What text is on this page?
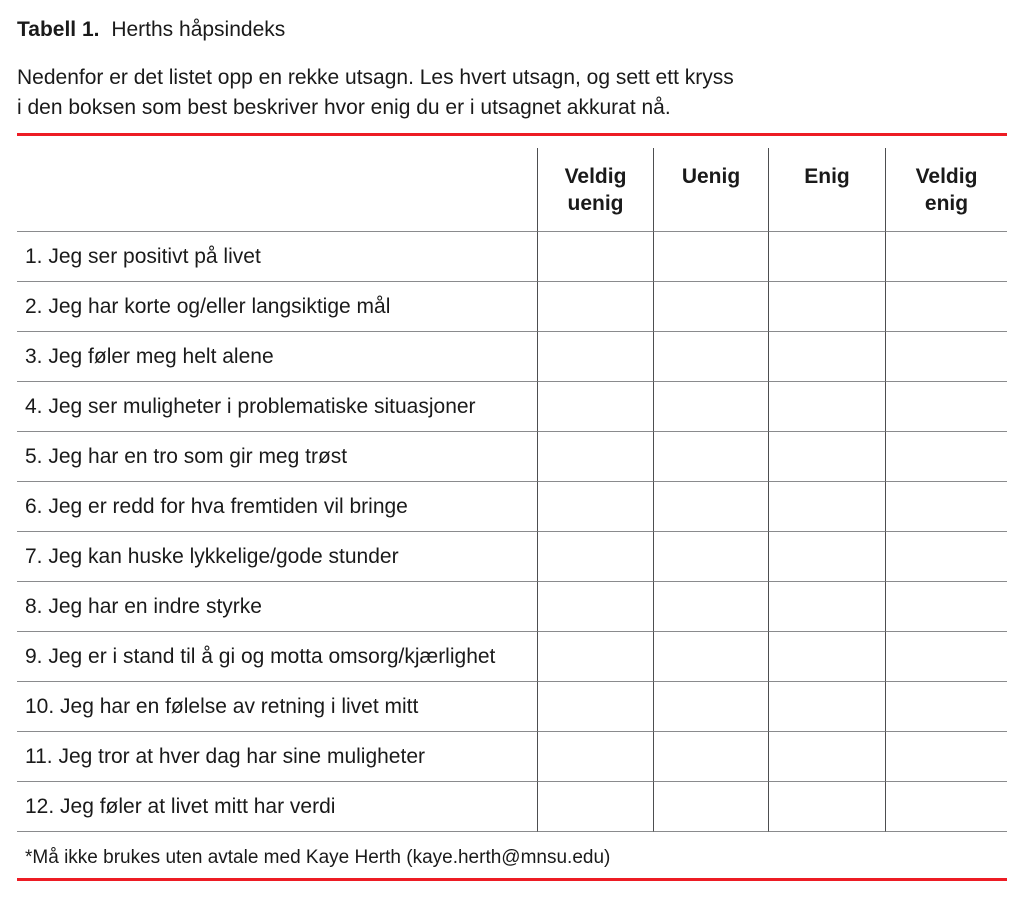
Tabell 1. Herths håpsindeks

Nedenfor er det listet opp en rekke utsagn. Les hvert utsagn, og sett ett kryss
i den boksen som best beskriver hvor enig du er i utsagnet akkurat nå.

Veldig uenig
Uenig	Enig	Veldig enig
1. Jeg ser positivt på livet
2. Jeg har korte og/eller langsiktige mål
3. Jeg føler meg helt alene
4. Jeg ser muligheter i problematiske situasjoner
5. Jeg har en tro som gir meg trøst
6. Jeg er redd for hva fremtiden vil bringe
7. Jeg kan huske lykkelige/gode stunder
8. Jeg har en indre styrke
9. Jeg er i stand til å gi og motta omsorg/kjærlighet
10. Jeg har en følelse av retning i livet mitt
11. Jeg tror at hver dag har sine muligheter
12. Jeg føler at livet mitt har verdi
*Må ikke brukes uten avtale med Kaye Herth (kaye.herth@mnsu.edu)
